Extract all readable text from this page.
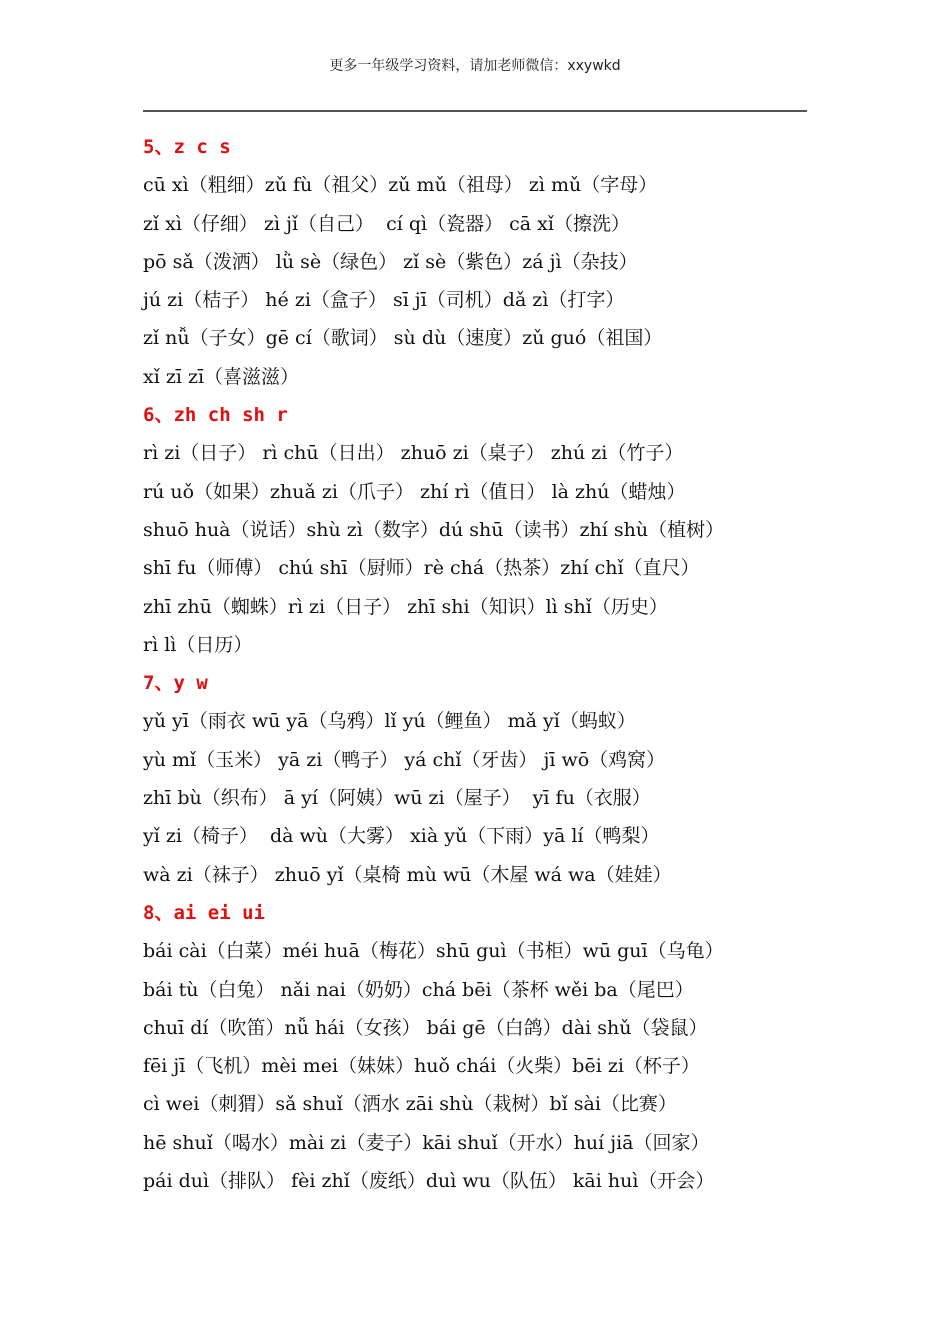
更多一年级学习资料，请加老师微信：xxywkd
5、z c s
cū xì（粗细）zǔ fù（祖父）zǔ mǔ（祖母） zì mǔ（字母）
zǐ xì（仔细） zì jǐ（自己）  cí qì（瓷器） cā xǐ（擦洗）
pō sǎ（泼洒） lǜ sè（绿色） zǐ sè（紫色）zá jì（杂技）
jú zi（桔子） hé zi（盒子） sī jī（司机）dǎ zì（打字）
zǐ nǚ（子女）gē cí（歌词） sù dù（速度）zǔ guó（祖国）
xǐ zī zī（喜滋滋）
6、zh ch sh r
rì zi（日子） rì chū（日出） zhuō zi（桌子） zhú zi（竹子）
rú uǒ（如果）zhuǎ zi（爪子） zhí rì（值日） là zhú（蜡烛）
shuō huà（说话）shù zì（数字）dú shū（读书）zhí shù（植树）
shī fu（师傅） chú shī（厨师）rè chá（热茶）zhí chǐ（直尺）
zhī zhū（蜘蛛）rì zi（日子） zhī shi（知识）lì shǐ（历史）
rì lì（日历）
7、y w
yǔ yī（雨衣 wū yā（乌鸦）lǐ yú（鲤鱼） mǎ yǐ（蚂蚁）
yù mǐ（玉米） yā zi（鸭子） yá chǐ（牙齿） jī wō（鸡窝）
zhī bù（织布） ā yí（阿姨）wū zi（屋子）  yī fu（衣服）
yǐ zi（椅子）  dà wù（大雾） xià yǔ（下雨）yā lí（鸭梨）
wà zi（袜子） zhuō yǐ（桌椅 mù wū（木屋 wá wa（娃娃）
8、ai ei ui
bái cài（白菜）méi huā（梅花）shū guì（书柜）wū guī（乌龟）
bái tù（白兔） nǎi nai（奶奶）chá bēi（茶杯 wěi ba（尾巴）
chuī dí（吹笛）nǚ hái（女孩） bái gē（白鸽）dài shǔ（袋鼠）
fēi jī（飞机）mèi mei（妹妹）huǒ chái（火柴）bēi zi（杯子）
cì wei（刺猬）sǎ shuǐ（洒水 zāi shù（栽树）bǐ sài（比赛）
hē shuǐ（喝水）mài zi（麦子）kāi shuǐ（开水）huí jiā（回家）
pái duì（排队） fèi zhǐ（废纸）duì wu（队伍） kāi huì（开会）
